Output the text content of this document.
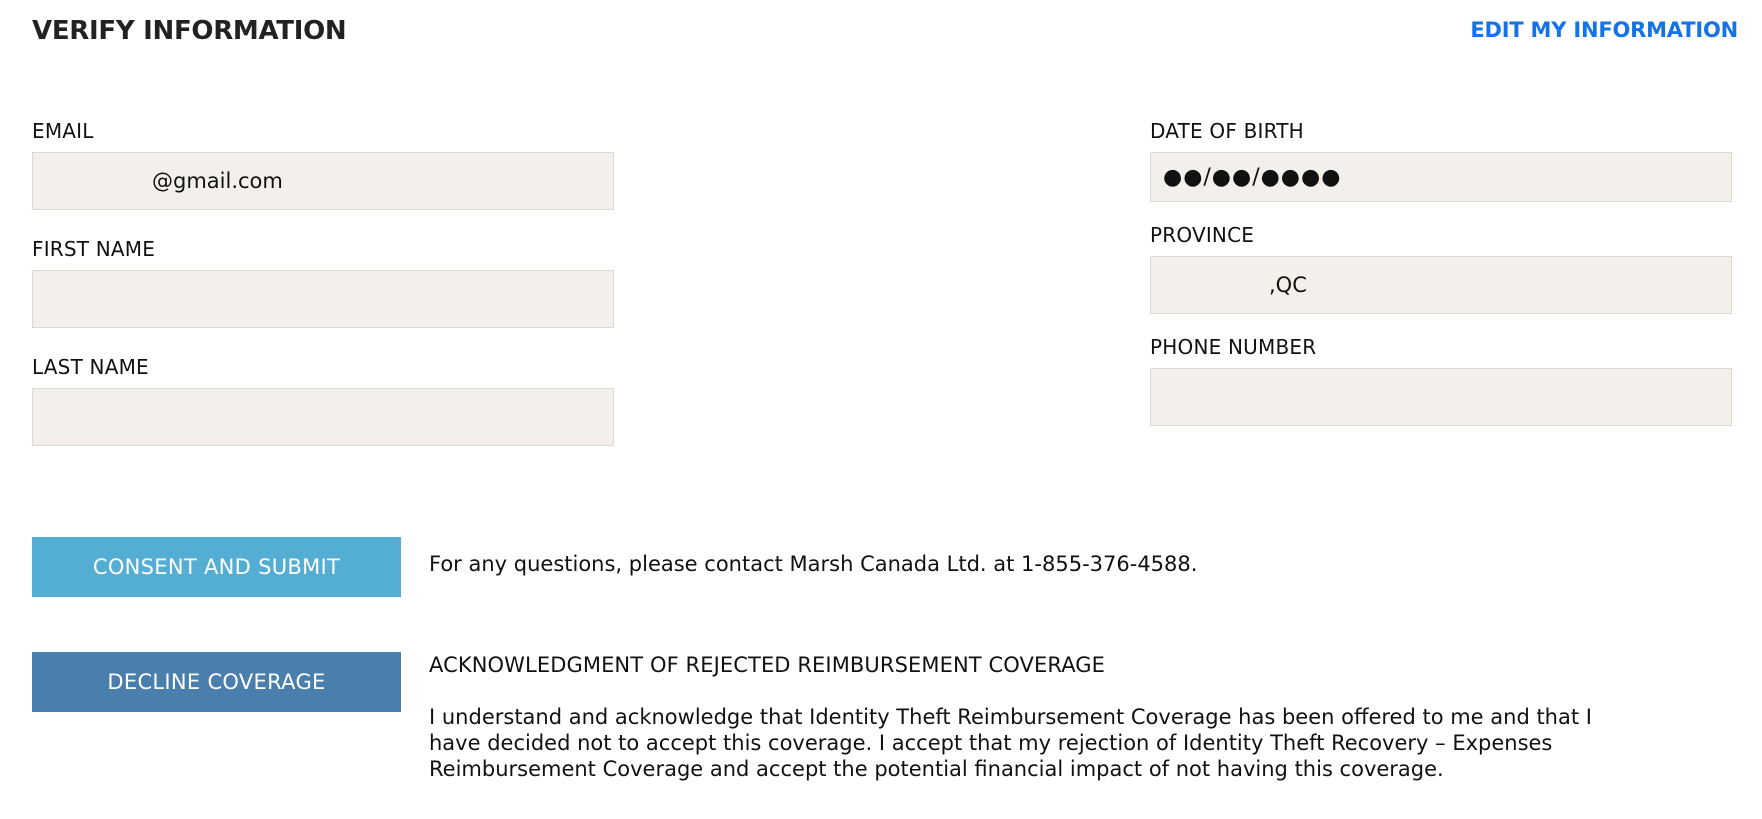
VERIFY INFORMATION	EDIT MY INFORMATION
EMAIL
@gmail.com
FIRST NAME
LAST NAME
DATE OF BIRTH
●●/●●/●●●●
PROVINCE
,QC
PHONE NUMBER
CONSENT AND SUBMIT	For any questions, please contact Marsh Canada Ltd. at 1-855-376-4588.

DECLINE COVERAGE
ACKNOWLEDGMENT OF REJECTED REIMBURSEMENT COVERAGE

I understand and acknowledge that Identity Theft Reimbursement Coverage has been offered to me and that I have decided not to accept this coverage. I accept that my rejection of Identity Theft Recovery – Expenses Reimbursement Coverage and accept the potential financial impact of not having this coverage.
